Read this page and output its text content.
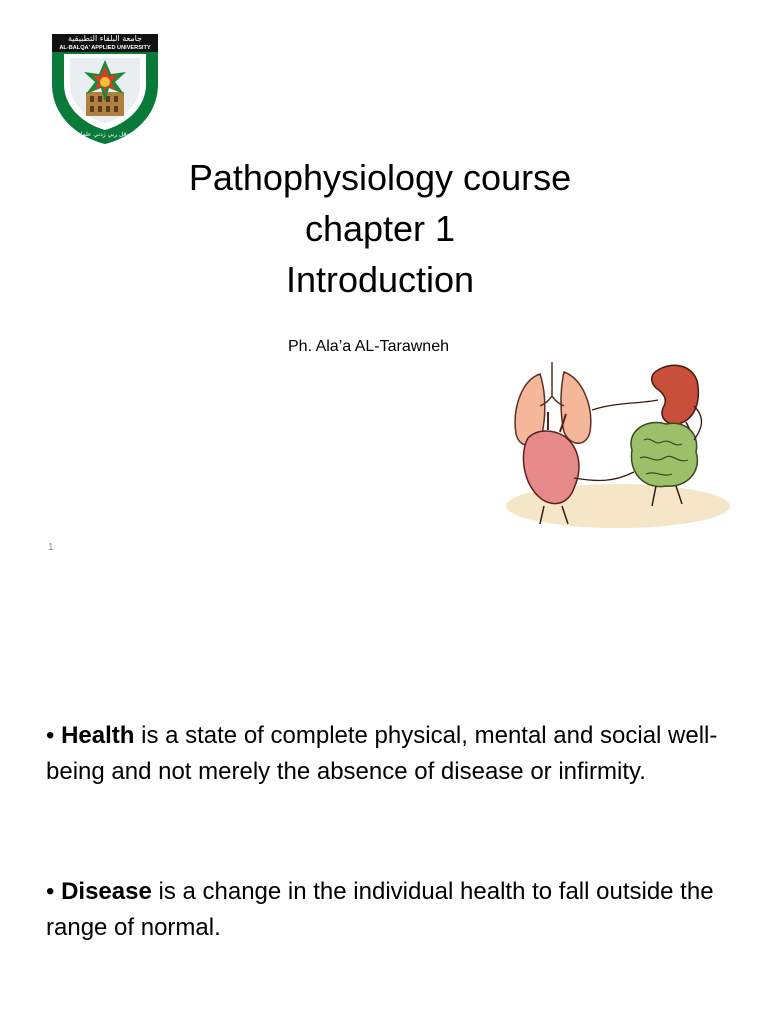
جامعة البلقاء التطبيقية
AL-BALQA' APPLIED UNIVERSITY
وقل ربي زدني علما
Pathophysiology course
chapter 1
Introduction
Ph. Ala’a AL-Tarawneh
1
• Health is a state of complete physical, mental and social well- being and not merely the absence of disease or infirmity.
• Disease is a change in the individual health to fall outside the range of normal.
